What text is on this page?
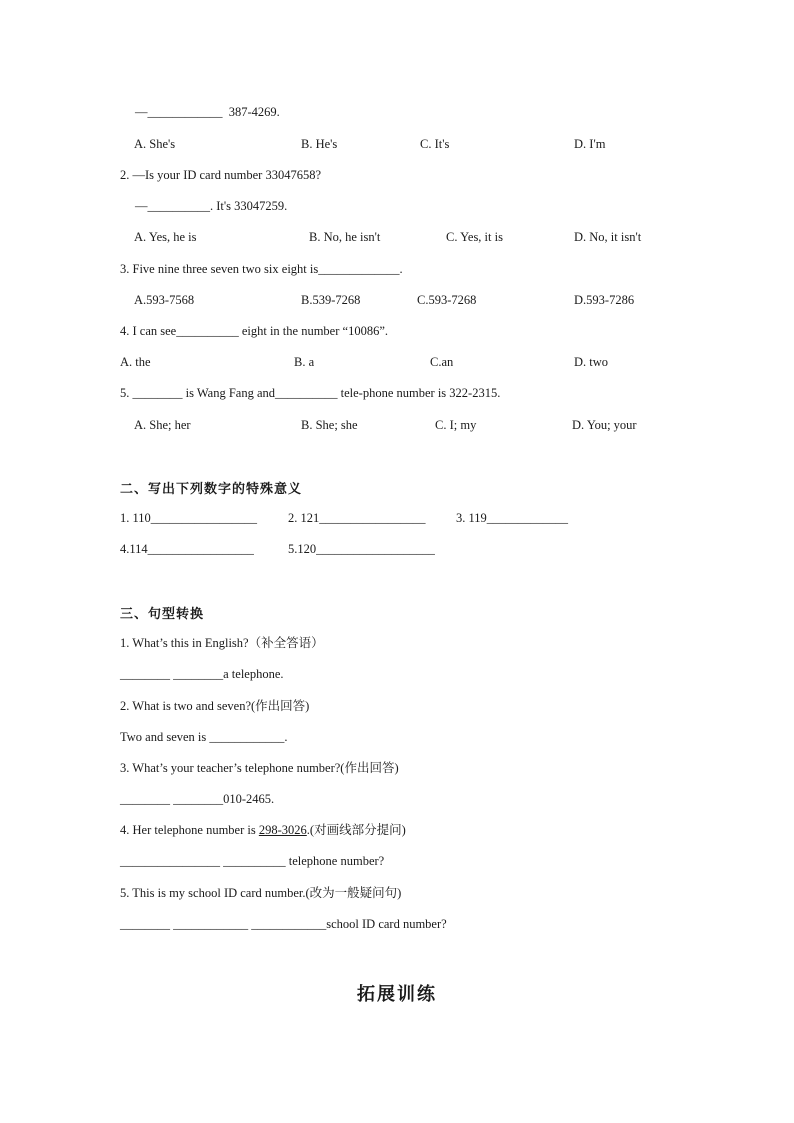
—____________  387-4269.
A. She's	B. He's	C. It's	D. I'm
2. —Is your ID card number 33047658?
—__________. It's 33047259.
A. Yes, he is	B. No, he isn't	C. Yes, it is	D. No, it isn't
3. Five nine three seven two six eight is_____________.
A.593-7568	B.539-7268	C.593-7268	D.593-7286
4. I can see__________ eight in the number “10086”.
A. the	B. a	C.an	D. two
5. ________ is Wang Fang and__________ tele-phone number is 322-2315.
A. She; her	B. She; she	C. I; my	D. You; your
二、写出下列数字的特殊意义
1. 110_________________ 2. 121_________________ 3. 119_____________
4.114_________________	5.120___________________
三、句型转换
1. What’s this in English?（补全答语）
________ ________a telephone.
2. What is two and seven?(作出回答)
Two and seven is ____________.
3. What’s your teacher’s telephone number?(作出回答)
________ ________010-2465.
4. Her telephone number is 298-3026.(对画线部分提问)
________________ __________ telephone number?
5. This is my school ID card number.(改为一般疑问句)
________ ____________ ____________school ID card number?
拓展训练
